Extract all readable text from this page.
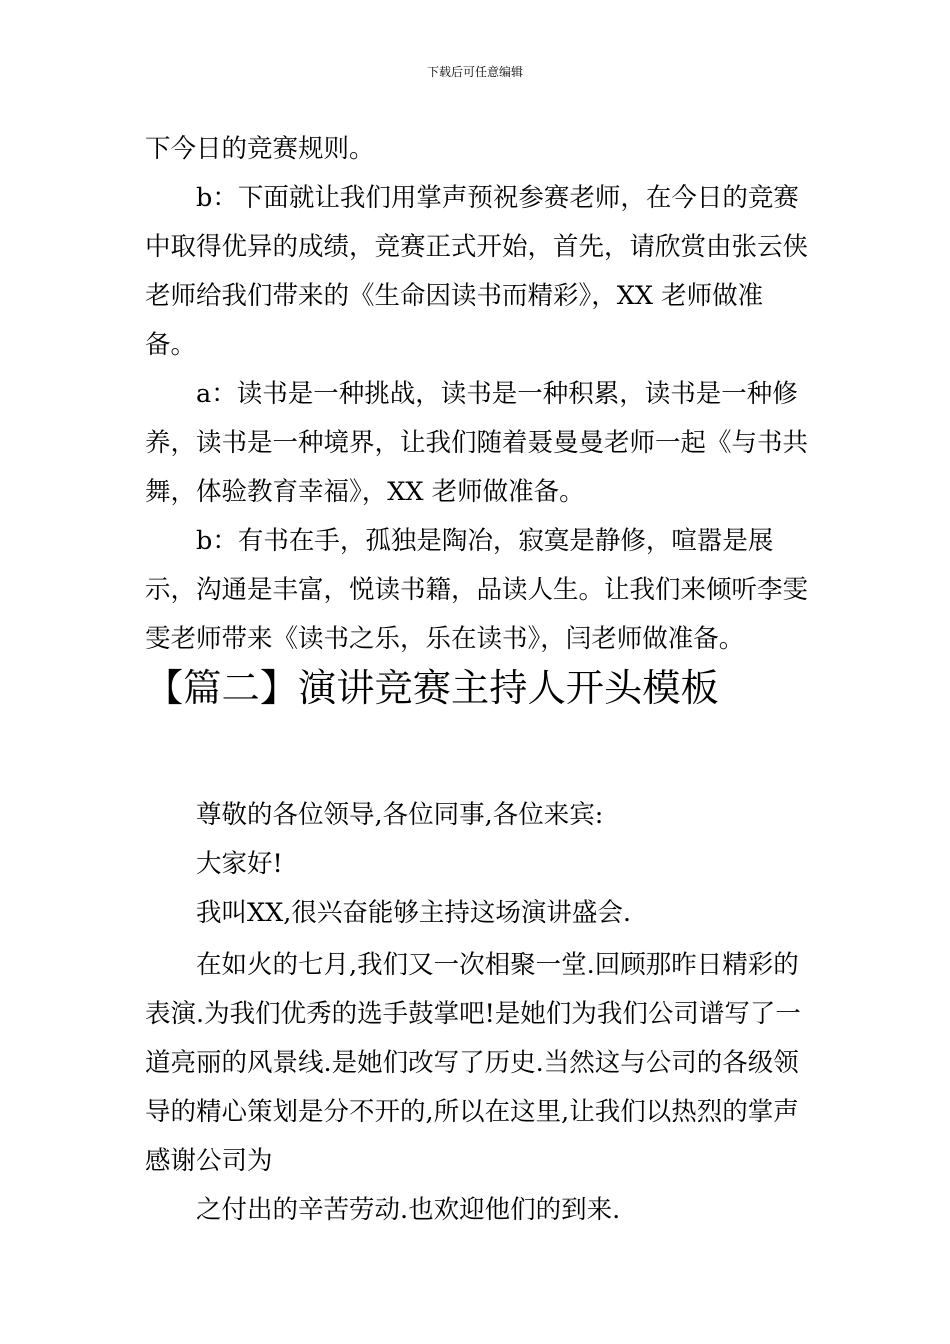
下载后可任意编辑

下今日的竞赛规则。

b：下面就让我们用掌声预祝参赛老师，在今日的竞赛中取得优异的成绩，竞赛正式开始，首先，请欣赏由张云侠老师给我们带来的《生命因读书而精彩》，XX 老师做准备。

a：读书是一种挑战，读书是一种积累，读书是一种修养，读书是一种境界，让我们随着聂曼曼老师一起《与书共舞，体验教育幸福》，XX 老师做准备。

b：有书在手，孤独是陶冶，寂寞是静修，喧嚣是展示，沟通是丰富，悦读书籍，品读人生。让我们来倾听李雯雯老师带来《读书之乐，乐在读书》，闫老师做准备。

【篇二】演讲竞赛主持人开头模板

尊敬的各位领导,各位同事,各位来宾:

大家好!

我叫XX,很兴奋能够主持这场演讲盛会.

在如火的七月,我们又一次相聚一堂.回顾那昨日精彩的表演.为我们优秀的选手鼓掌吧!是她们为我们公司谱写了一道亮丽的风景线.是她们改写了历史.当然这与公司的各级领导的精心策划是分不开的,所以在这里,让我们以热烈的掌声感谢公司为

之付出的辛苦劳动.也欢迎他们的到来.
